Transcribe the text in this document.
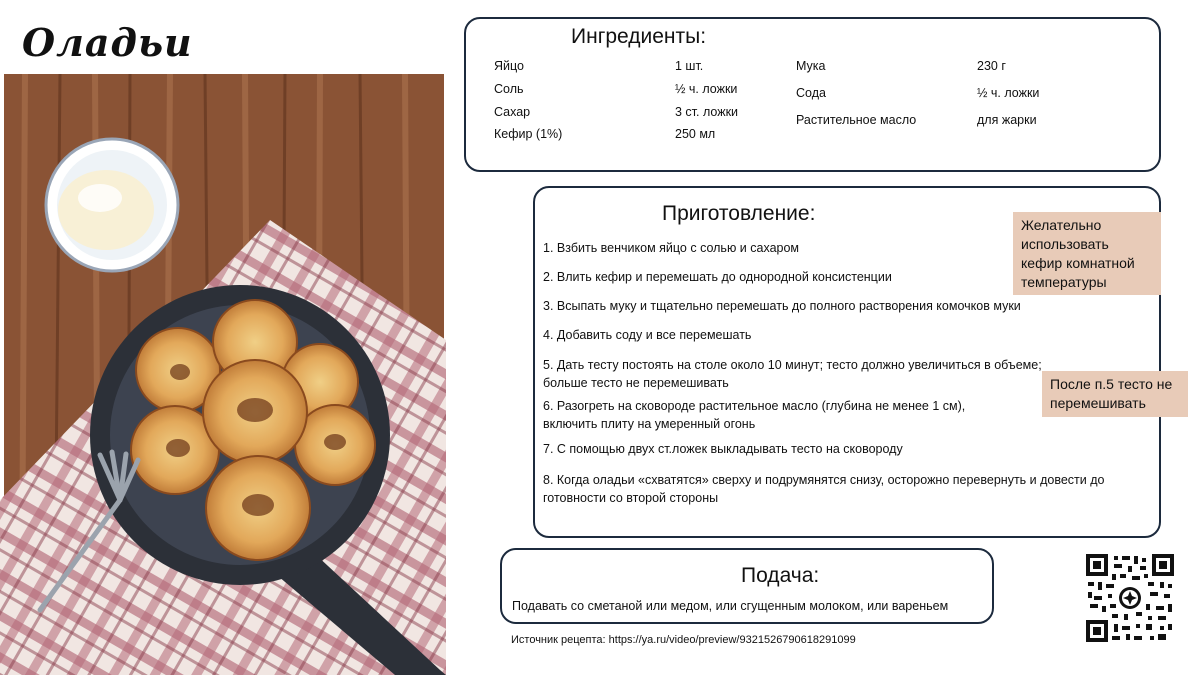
Оладьи	Ингредиенты:
Яйцо	1 шт.
Соль	½ ч. ложки
Сахар	3 ст. ложки
Кефир (1%)	250 мл
Мука	230 г
Сода	½ ч. ложки
Растительное масло	для жарки
Приготовление:
1. Взбить венчиком яйцо с солью и сахаром
2. Влить кефир и перемешать до однородной консистенции
3. Всыпать муку и тщательно перемешать до полного растворения комочков муки
4. Добавить соду и все перемешать
5. Дать тесту постоять на столе около 10 минут; тесто должно увеличиться в объеме;
больше тесто не перемешивать
6. Разогреть на сковороде растительное масло (глубина не менее 1 см),
включить плиту на умеренный огонь
7. С помощью двух ст.ложек выкладывать тесто на сковороду
8. Когда оладьи «схватятся» сверху и подрумянятся снизу, осторожно перевернуть и довести до
готовности со второй стороны
Желательно использовать кефир комнатной температуры
После п.5 тесто не перемешивать
Подача:
Подавать со сметаной или медом, или сгущенным молоком, или вареньем
Источник рецепта: https://ya.ru/video/preview/9321526790618291099
